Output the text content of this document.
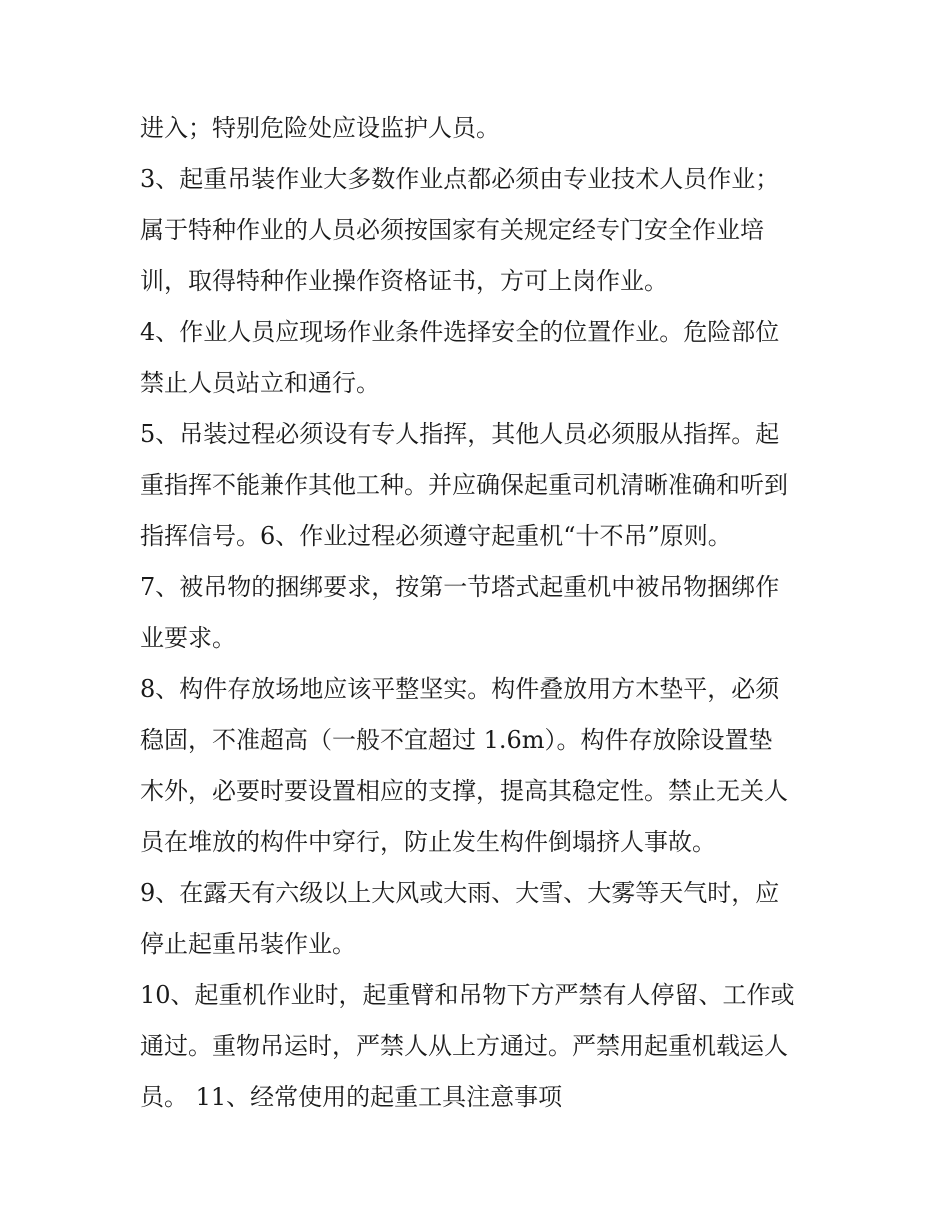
进入；特别危险处应设监护人员。
3、起重吊装作业大多数作业点都必须由专业技术人员作业；
属于特种作业的人员必须按国家有关规定经专门安全作业培
训，取得特种作业操作资格证书，方可上岗作业。
4、作业人员应现场作业条件选择安全的位置作业。危险部位
禁止人员站立和通行。
5、吊装过程必须设有专人指挥，其他人员必须服从指挥。起
重指挥不能兼作其他工种。并应确保起重司机清晰准确和听到
指挥信号。6、作业过程必须遵守起重机“十不吊”原则。
7、被吊物的捆绑要求，按第一节塔式起重机中被吊物捆绑作
业要求。
8、构件存放场地应该平整坚实。构件叠放用方木垫平，必须
稳固，不准超高（一般不宜超过 1.6m）。构件存放除设置垫
木外，必要时要设置相应的支撑，提高其稳定性。禁止无关人
员在堆放的构件中穿行，防止发生构件倒塌挤人事故。
9、在露天有六级以上大风或大雨、大雪、大雾等天气时，应
停止起重吊装作业。
10、起重机作业时，起重臂和吊物下方严禁有人停留、工作或
通过。重物吊运时，严禁人从上方通过。严禁用起重机载运人
员。 11、经常使用的起重工具注意事项
